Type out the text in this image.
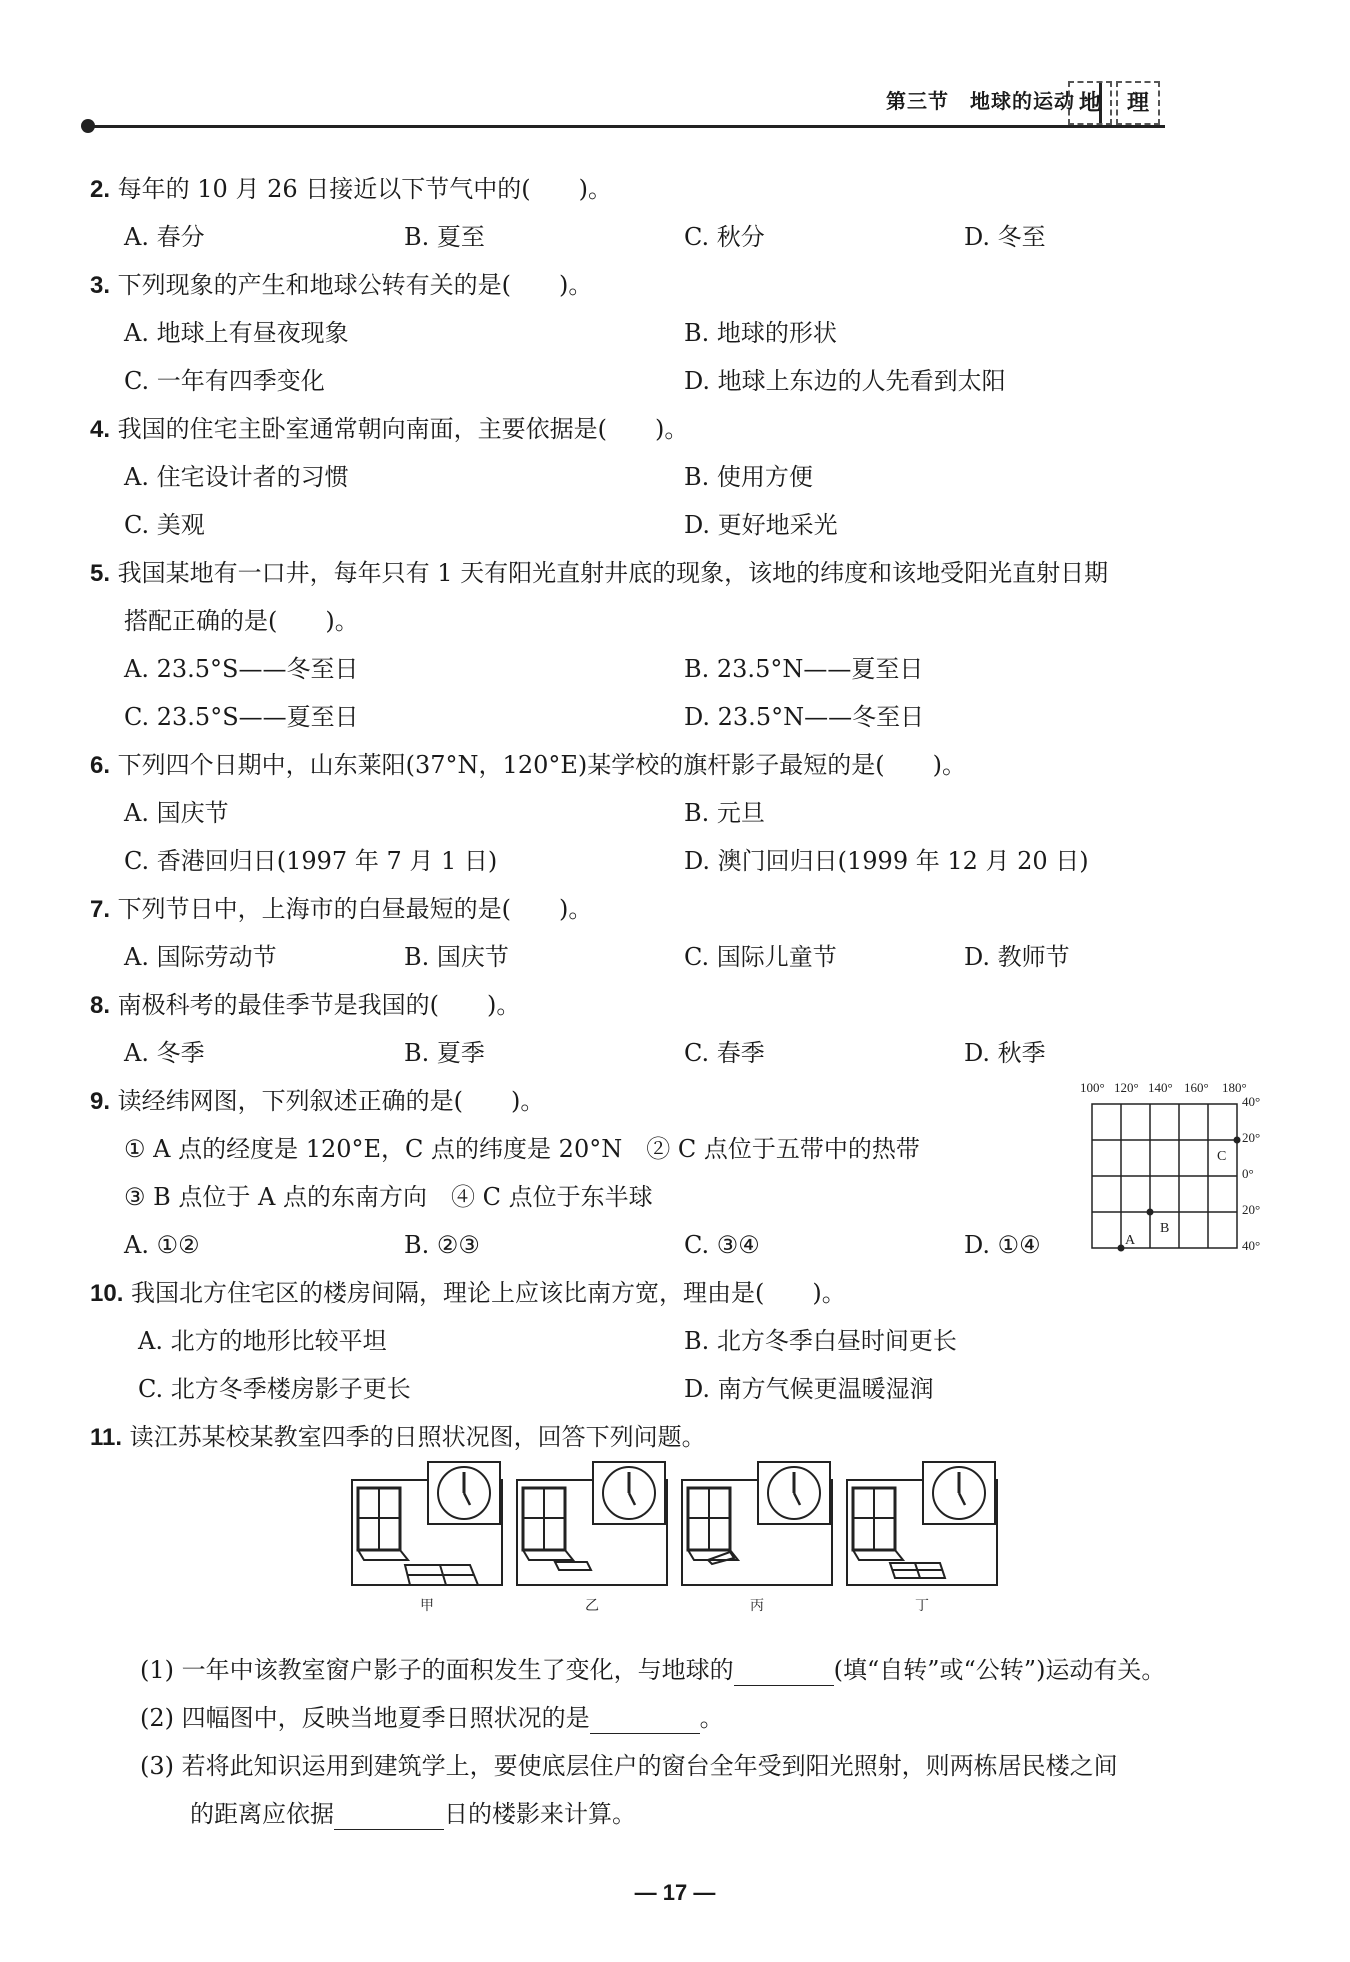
第三节　地球的运动 地	理
2. 每年的 10 月 26 日接近以下节气中的(　　)。
A. 春分	B. 夏至	C. 秋分	D. 冬至
3. 下列现象的产生和地球公转有关的是(　　)。
A. 地球上有昼夜现象	B. 地球的形状
C. 一年有四季变化	D. 地球上东边的人先看到太阳
4. 我国的住宅主卧室通常朝向南面，主要依据是(　　)。
A. 住宅设计者的习惯	B. 使用方便
C. 美观	D. 更好地采光
5. 我国某地有一口井，每年只有 1 天有阳光直射井底的现象，该地的纬度和该地受阳光直射日期
搭配正确的是(　　)。
A. 23.5°S——冬至日	B. 23.5°N——夏至日
C. 23.5°S——夏至日	D. 23.5°N——冬至日
6. 下列四个日期中，山东莱阳(37°N，120°E)某学校的旗杆影子最短的是(　　)。
A. 国庆节	B. 元旦
C. 香港回归日(1997 年 7 月 1 日)	D. 澳门回归日(1999 年 12 月 20 日)
7. 下列节日中，上海市的白昼最短的是(　　)。
A. 国际劳动节	B. 国庆节	C. 国际儿童节	D. 教师节
8. 南极科考的最佳季节是我国的(　　)。
A. 冬季	B. 夏季	C. 春季	D. 秋季
9. 读经纬网图，下列叙述正确的是(　　)。
① A 点的经度是 120°E，C 点的纬度是 20°N　② C 点位于五带中的热带
③ B 点位于 A 点的东南方向　④ C 点位于东半球
A. ①②	B. ②③	C. ③④	D. ①④
10. 我国北方住宅区的楼房间隔，理论上应该比南方宽，理由是(　　)。
A. 北方的地形比较平坦	B. 北方冬季白昼时间更长
C. 北方冬季楼房影子更长	D. 南方气候更温暖湿润
11. 读江苏某校某教室四季的日照状况图，回答下列问题。
(1) 一年中该教室窗户影子的面积发生了变化，与地球的	(填“自转”或“公转”)运动有关。
(2) 四幅图中，反映当地夏季日照状况的是	。
(3) 若将此知识运用到建筑学上，要使底层住户的窗台全年受到阳光照射，则两栋居民楼之间
的距离应依据	日的楼影来计算。
100° 120° 140° 160° 180°
40°
20°
0°
20°
40°
A
B
C
甲	乙	丙	丁
— 17 —
